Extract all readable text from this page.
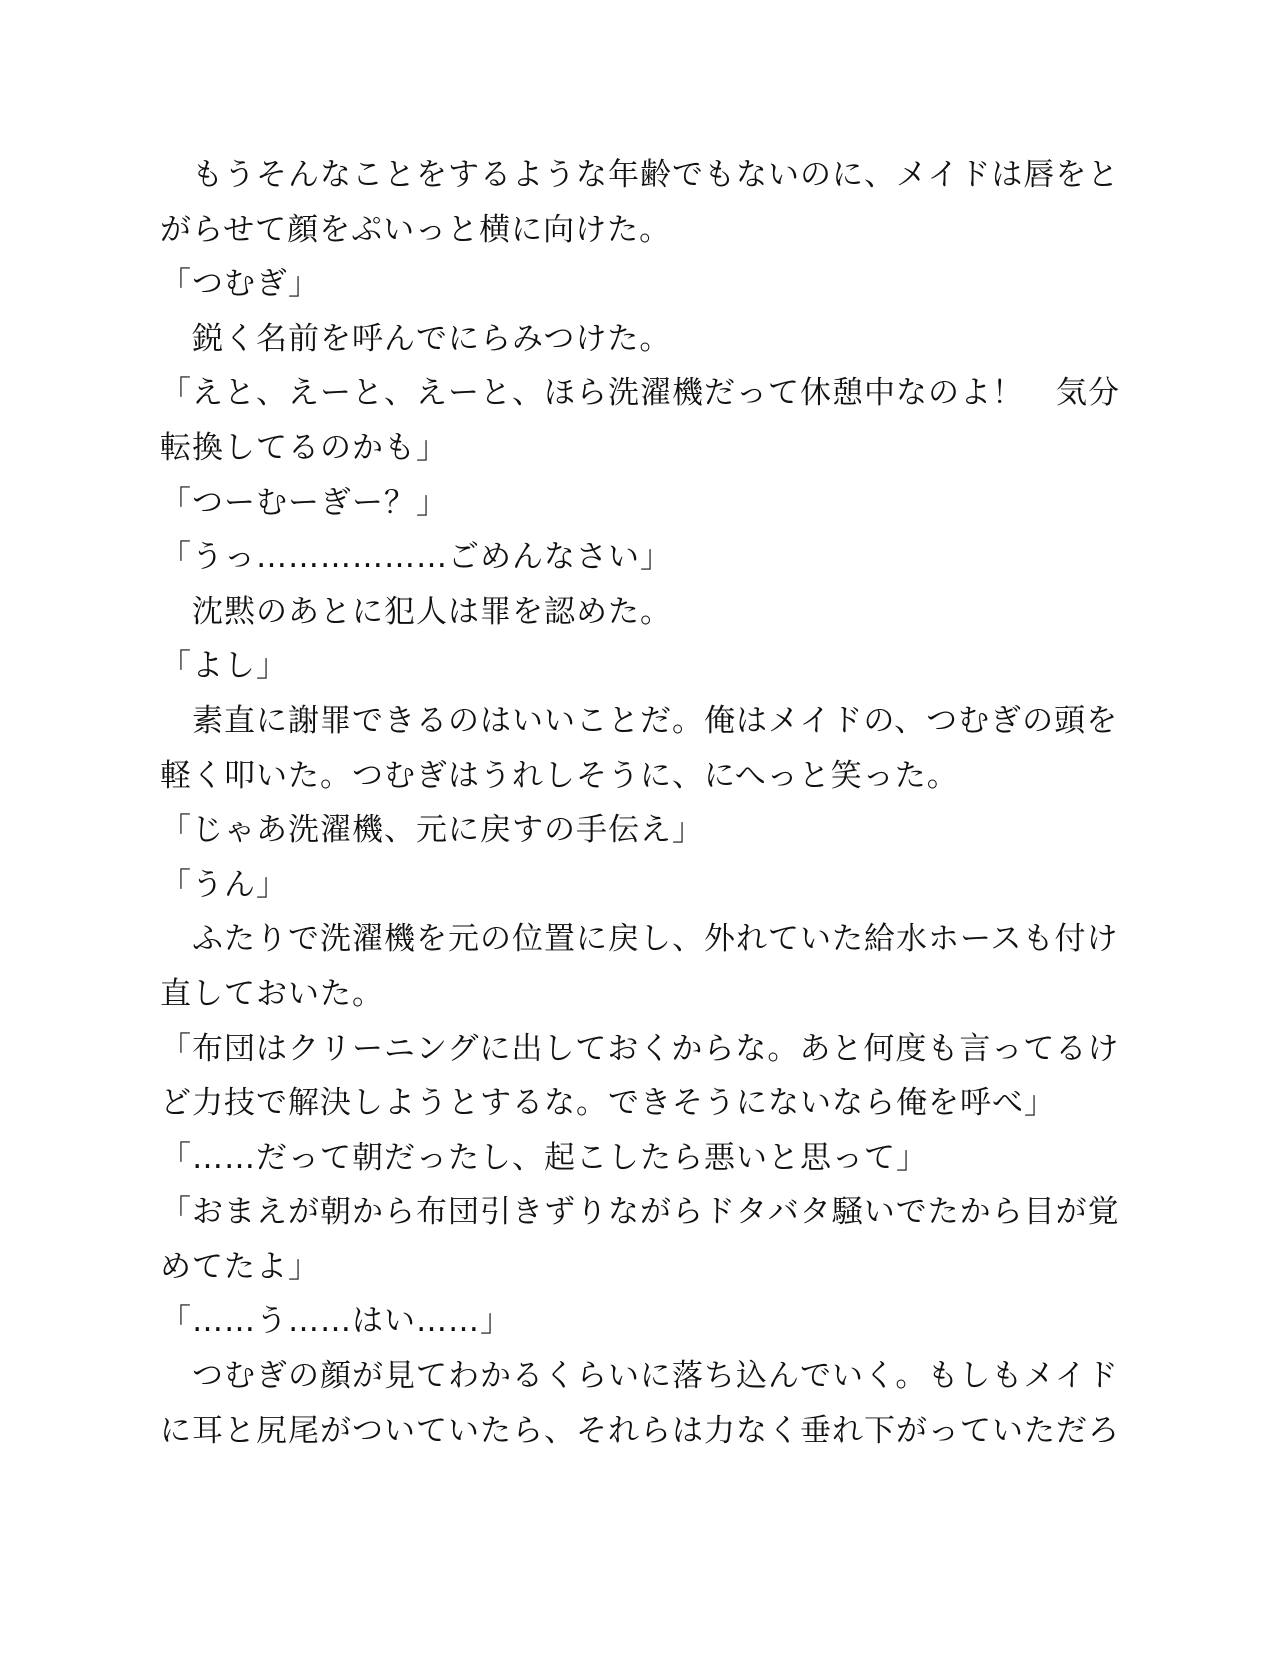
　もうそんなことをするような年齢でもないのに、メイドは唇をと

がらせて顔をぷいっと横に向けた。

「つむぎ」

　鋭く名前を呼んでにらみつけた。

「えと、えーと、えーと、ほら洗濯機だって休憩中なのよ！　気分

転換してるのかも」

「つーむーぎー？」

「うっ………………ごめんなさい」

　沈黙のあとに犯人は罪を認めた。

「よし」

　素直に謝罪できるのはいいことだ。俺はメイドの、つむぎの頭を

軽く叩いた。つむぎはうれしそうに、にへっと笑った。

「じゃあ洗濯機、元に戻すの手伝え」

「うん」

　ふたりで洗濯機を元の位置に戻し、外れていた給水ホースも付け

直しておいた。

「布団はクリーニングに出しておくからな。あと何度も言ってるけ

ど力技で解決しようとするな。できそうにないなら俺を呼べ」

「……だって朝だったし、起こしたら悪いと思って」

「おまえが朝から布団引きずりながらドタバタ騒いでたから目が覚

めてたよ」

「……う……はい……」

　つむぎの顔が見てわかるくらいに落ち込んでいく。もしもメイド

に耳と尻尾がついていたら、それらは力なく垂れ下がっていただろ
